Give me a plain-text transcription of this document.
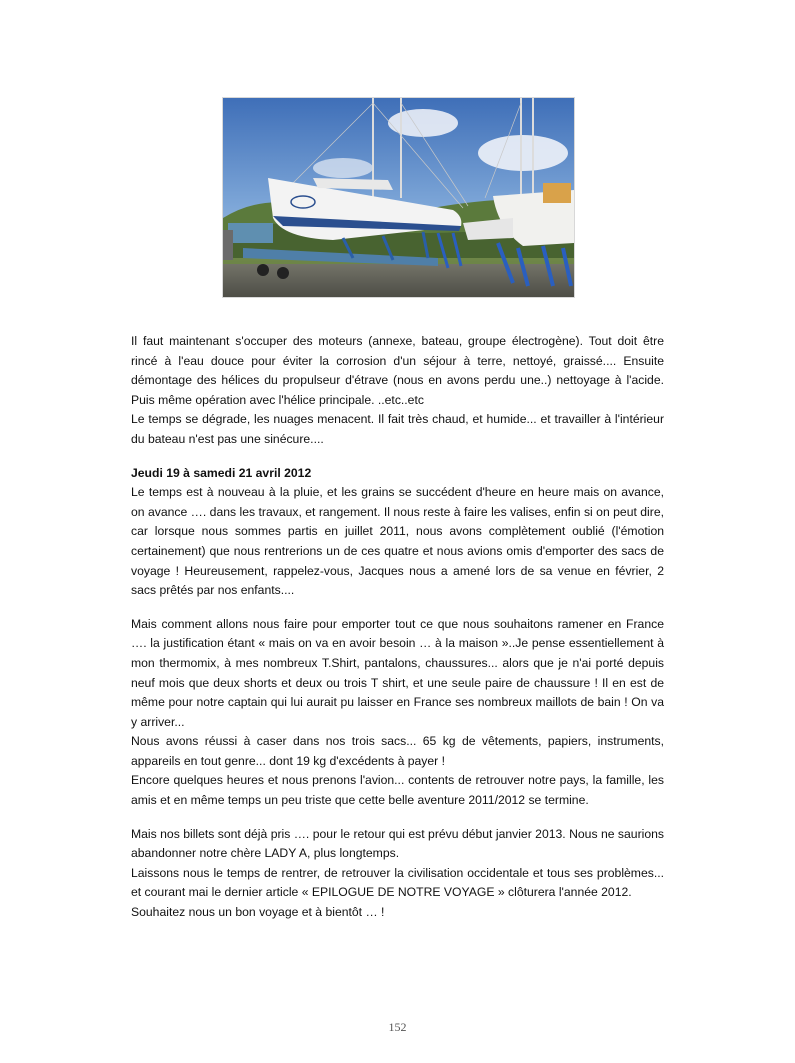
Il faut maintenant s'occuper des moteurs (annexe, bateau, groupe électrogène). Tout doit être rincé à l'eau douce pour éviter la corrosion d'un séjour à terre, nettoyé, graissé.... Ensuite démontage des hélices du propulseur d'étrave (nous en avons perdu une..) nettoyage à l'acide. Puis même opération avec l'hélice principale. ..etc..etc

Le temps se dégrade, les nuages menacent. Il fait très chaud, et humide... et travailler à l'intérieur du bateau n'est pas une sinécure....

Jeudi 19 à samedi 21 avril 2012

Le temps est à nouveau à la pluie, et les grains se succédent d'heure en heure mais on avance, on avance …. dans les travaux, et rangement. Il nous reste à faire les valises, enfin si on peut dire, car lorsque nous sommes partis en juillet 2011, nous avons complètement oublié (l'émotion certainement) que nous rentrerions un de ces quatre et nous avions omis d'emporter des sacs de voyage ! Heureusement, rappelez-vous, Jacques nous a amené lors de sa venue en février, 2 sacs prêtés par nos enfants....

Mais comment allons nous faire pour emporter tout ce que nous souhaitons ramener en France …. la justification étant « mais on va en avoir besoin … à la maison »..Je pense essentiellement à mon thermomix, à mes nombreux T.Shirt, pantalons, chaussures... alors que je n'ai porté depuis neuf mois que deux shorts et deux ou trois T shirt, et une seule paire de chaussure ! Il en est de même pour notre captain qui lui aurait pu laisser en France ses nombreux maillots de bain ! On va y arriver...

Nous avons réussi à caser dans nos trois sacs... 65 kg de vêtements, papiers, instruments, appareils en tout genre... dont 19 kg d'excédents à payer !

Encore quelques heures et nous prenons l'avion... contents de retrouver notre pays, la famille, les amis et en même temps un peu triste que cette belle aventure 2011/2012 se termine.

Mais nos billets sont déjà pris …. pour le retour qui est prévu début janvier 2013. Nous ne saurions abandonner notre chère LADY A, plus longtemps.

Laissons nous le temps de rentrer, de retrouver la civilisation occidentale et tous ses problèmes... et courant mai le dernier article « EPILOGUE DE NOTRE VOYAGE » clôturera l'année 2012.

Souhaitez nous un bon voyage et à bientôt … !

152
